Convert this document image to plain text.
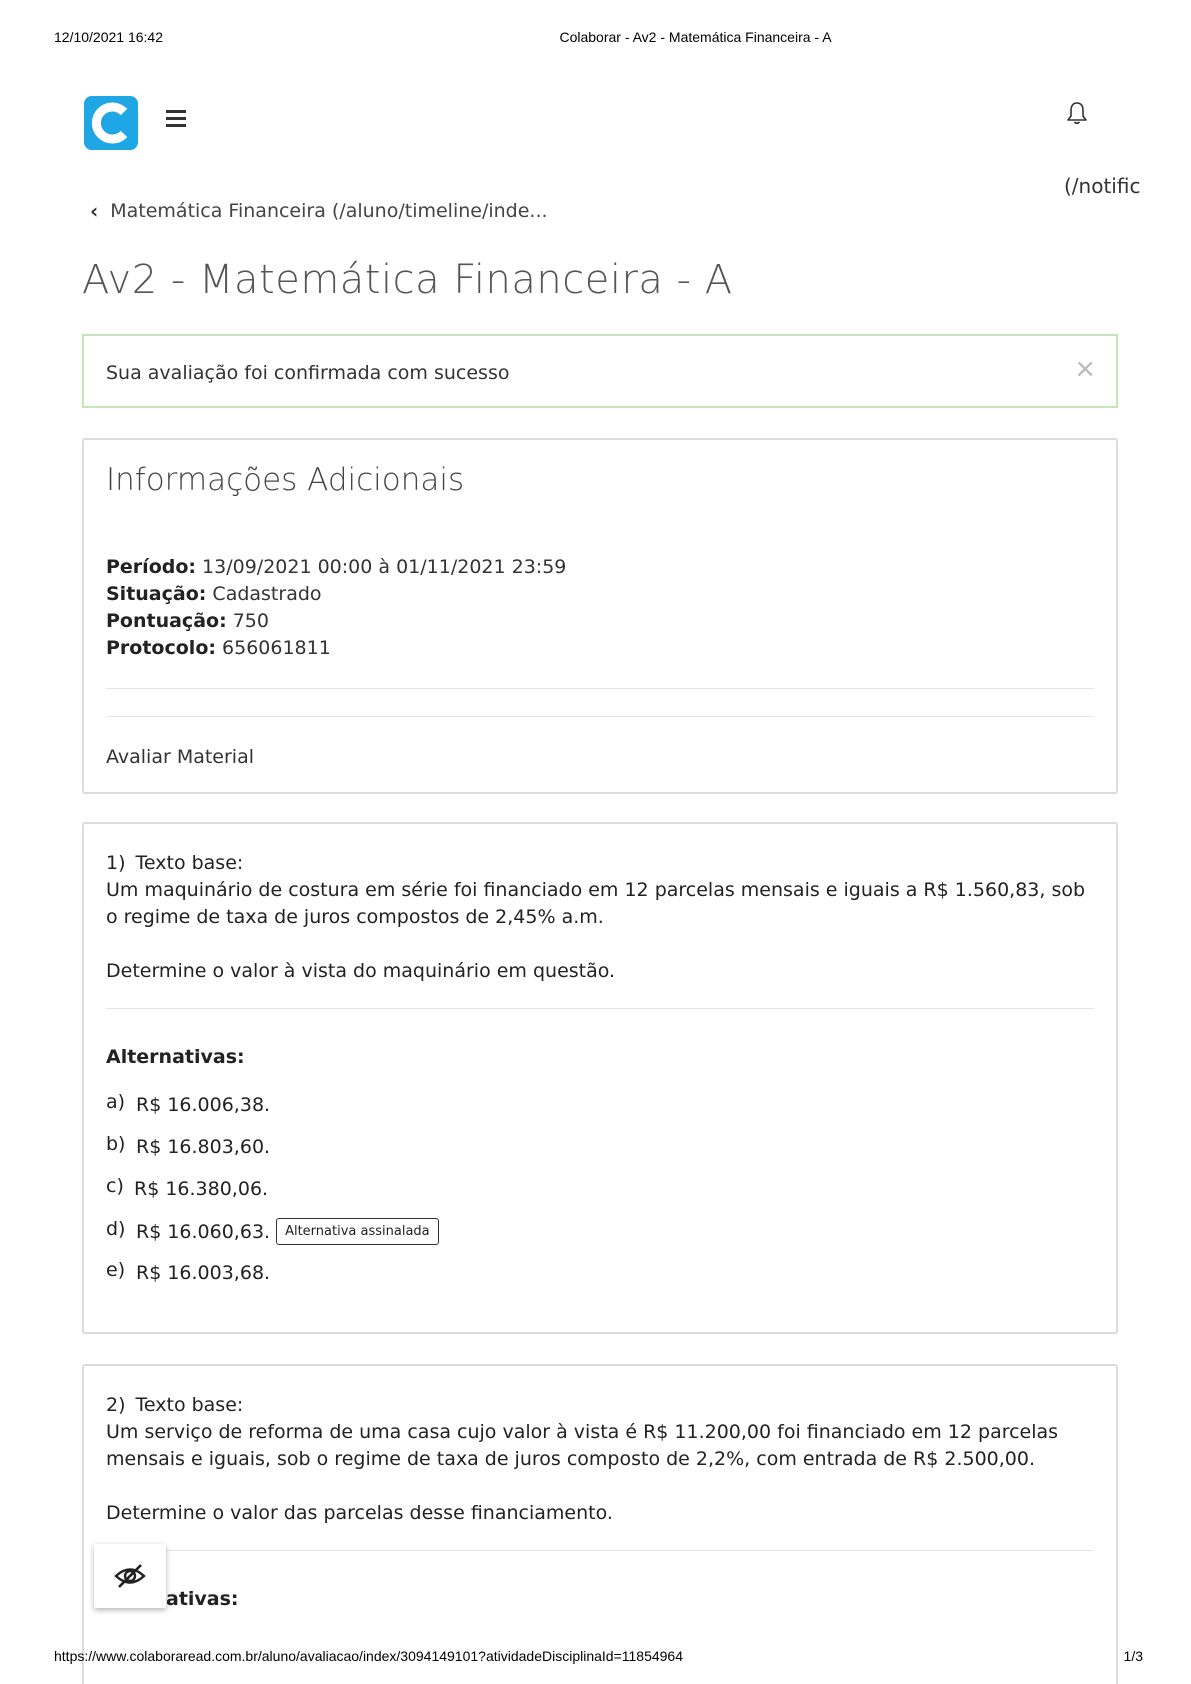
12/10/2021 16:42	Colaborar - Av2 - Matemática Financeira - A
(/notific
‹ Matemática Financeira (/aluno/timeline/inde...
Av2 - Matemática Financeira - A
Sua avaliação foi confirmada com sucesso	×
Informações Adicionais
Período: 13/09/2021 00:00 à 01/11/2021 23:59
Situação: Cadastrado
Pontuação: 750
Protocolo: 656061811
Avaliar Material
1) Texto base:
Um maquinário de costura em série foi financiado em 12 parcelas mensais e iguais a R$ 1.560,83, sob o regime de taxa de juros compostos de 2,45% a.m.
Determine o valor à vista do maquinário em questão.
Alternativas:
a) R$ 16.006,38.
b) R$ 16.803,60.
c) R$ 16.380,06.
d) R$ 16.060,63.	Alternativa assinalada
e) R$ 16.003,68.
2) Texto base:
Um serviço de reforma de uma casa cujo valor à vista é R$ 11.200,00 foi financiado em 12 parcelas mensais e iguais, sob o regime de taxa de juros composto de 2,2%, com entrada de R$ 2.500,00.
Determine o valor das parcelas desse financiamento.
ativas:
https://www.colaboraread.com.br/aluno/avaliacao/index/3094149101?atividadeDisciplinaId=11854964	1/3
